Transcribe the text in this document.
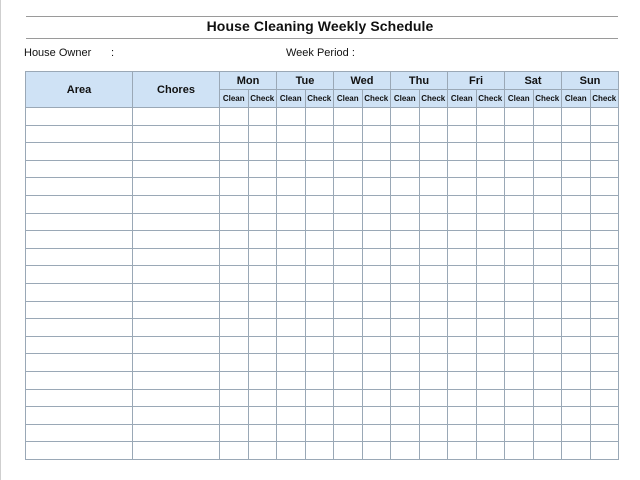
House Cleaning Weekly Schedule
House Owner :	Week Period :
Area	Chores	Mon		Tue		Wed		Thu		Fri		Sat		Sun	
		Clean	Check	Clean	Check	Clean	Check	Clean	Check	Clean	Check	Clean	Check	Clean	Check
